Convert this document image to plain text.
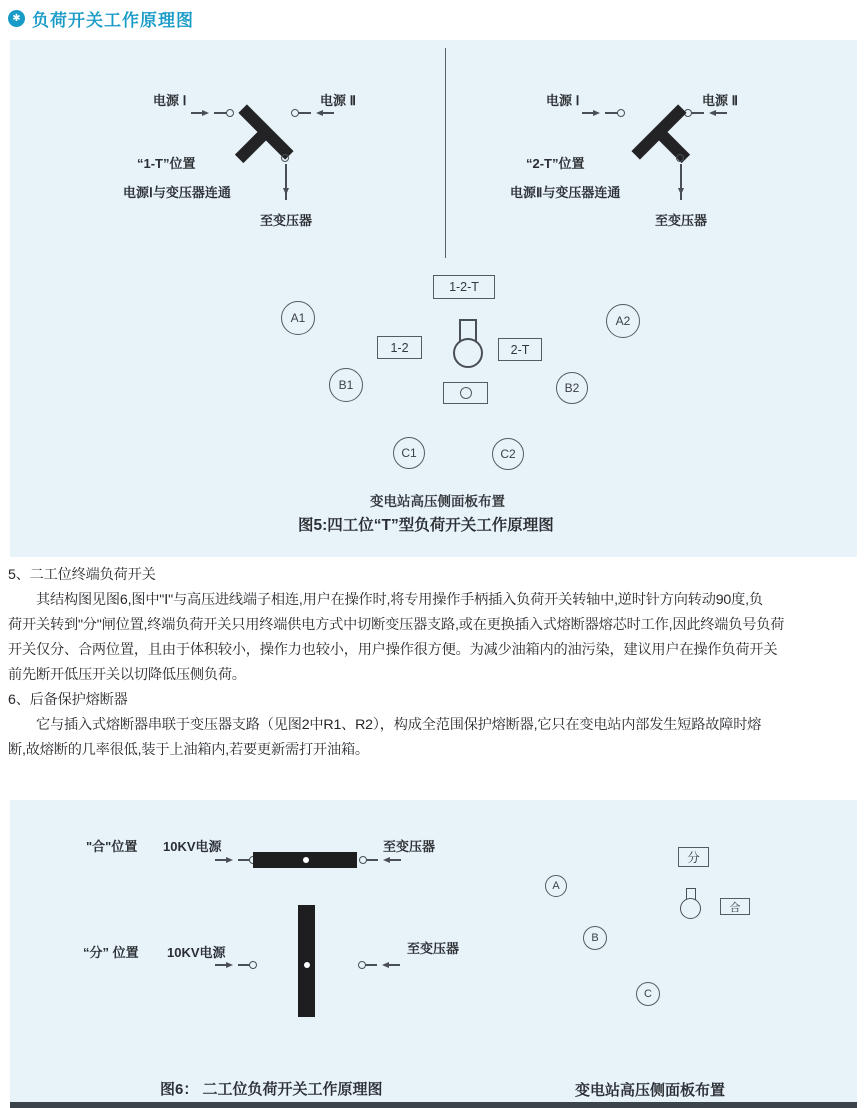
✱ 负荷开关工作原理图
电源 Ⅰ	电源 Ⅱ
“1-T”位置
电源Ⅰ与变压器连通
至变压器
电源 Ⅰ	电源 Ⅱ
“2-T”位置
电源Ⅱ与变压器连通
至变压器
1-2-T
A1	A2
1-2	2-T
B1	B2
C1	C2
变电站高压侧面板布置
图5:四工位“T”型负荷开关工作原理图
5、二工位终端负荷开关
　　其结构图见图6,图中"Ⅰ"与高压进线端子相连,用户在操作时,将专用操作手柄插入负荷开关转轴中,逆时针方向转动90度,负
荷开关转到"分"闸位置,终端负荷开关只用终端供电方式中切断变压器支路,或在更换插入式熔断器熔芯时工作,因此终端负号负荷
开关仅分、合两位置，且由于体积较小，操作力也较小，用户操作很方便。为减少油箱内的油污染，建议用户在操作负荷开关
前先断开低压开关以切降低压侧负荷。
6、后备保护熔断器
　　它与插入式熔断器串联于变压器支路（见图2中R1、R2），构成全范围保护熔断器,它只在变电站内部发生短路故障时熔
断,故熔断的几率很低,装于上油箱内,若要更新需打开油箱。
"合"位置 10KV电源	至变压器
“分” 位置 10KV电源	至变压器
分
A
合
B
C
图6： 二工位负荷开关工作原理图	变电站高压侧面板布置
